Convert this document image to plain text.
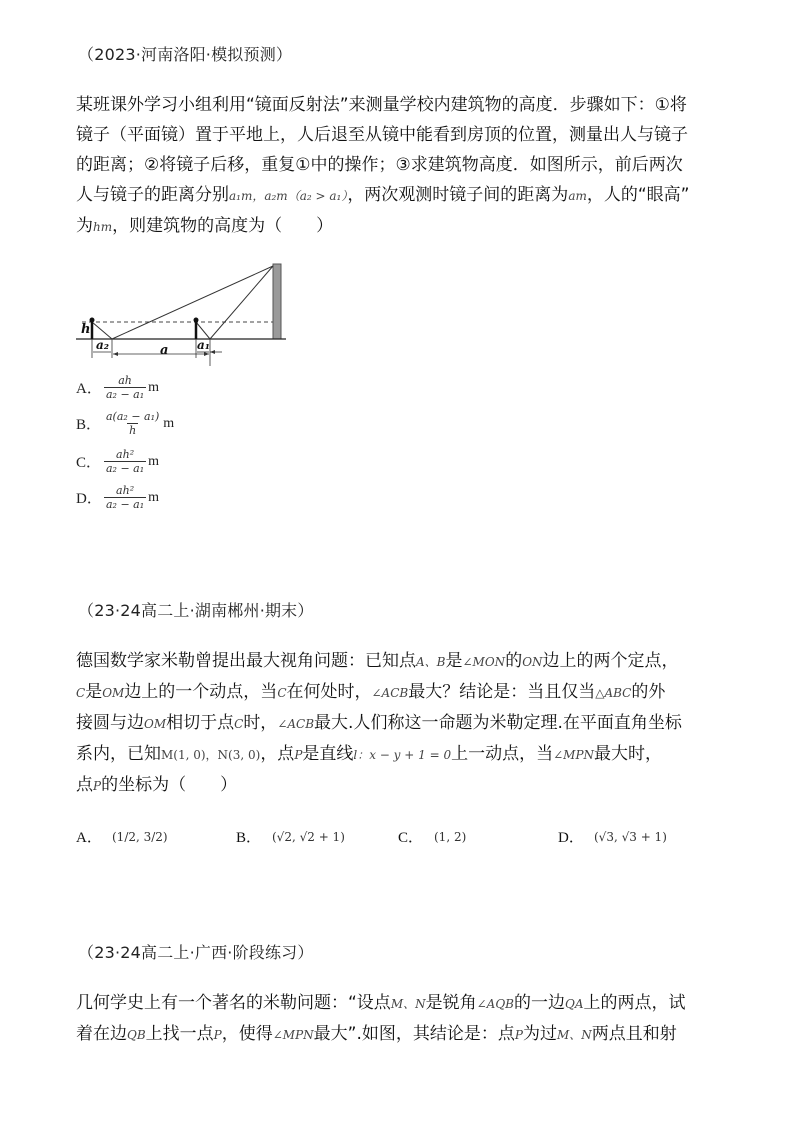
（2023·河南洛阳·模拟预测）

某班课外学习小组利用“镜面反射法”来测量学校内建筑物的高度．步骤如下：①将

镜子（平面镜）置于平地上，人后退至从镜中能看到房顶的位置，测量出人与镜子

的距离；②将镜子后移，重复①中的操作；③求建筑物高度．如图所示，前后两次

人与镜子的距离分别a₁m，a₂m（a₂ > a₁），两次观测时镜子间的距离为am，人的“眼高”

为hm，则建筑物的高度为（　　）

h
a₂	a a₁
A． $\frac{ah}{\text{a₂ − a₁}}$ m
B． $\frac{\text{a(a₂ − a₁)}}{h}$ m
C． $\frac{\text{ah²}}{\text{a₂ − a₁}}$ m
D． $\frac{\text{ah²}}{\text{a₂ − a₁}}$ m
（23·24高二上·湖南郴州·期末）

德国数学家米勒曾提出最大视角问题：已知点A、B是∠MON的ON边上的两个定点，

C是OM边上的一个动点，当C在何处时，∠ACB最大？结论是：当且仅当△ABC的外

接圆与边OM相切于点C时，∠ACB最大.人们称这一命题为米勒定理.在平面直角坐标

系内，已知M(1, 0)，N(3, 0)，点P是直线l：x − y + 1 = 0上一动点，当∠MPN最大时，

点P的坐标为（　　）

A． (1/2, 3/2)	B． (√2, √2 + 1)	C． (1, 2)	D． (√3, √3 + 1)
（23·24高二上·广西·阶段练习）

几何学史上有一个著名的米勒问题：“设点M、N是锐角∠AQB的一边QA上的两点，试

着在边QB上找一点P，使得∠MPN最大”.如图，其结论是：点P为过M、N两点且和射
